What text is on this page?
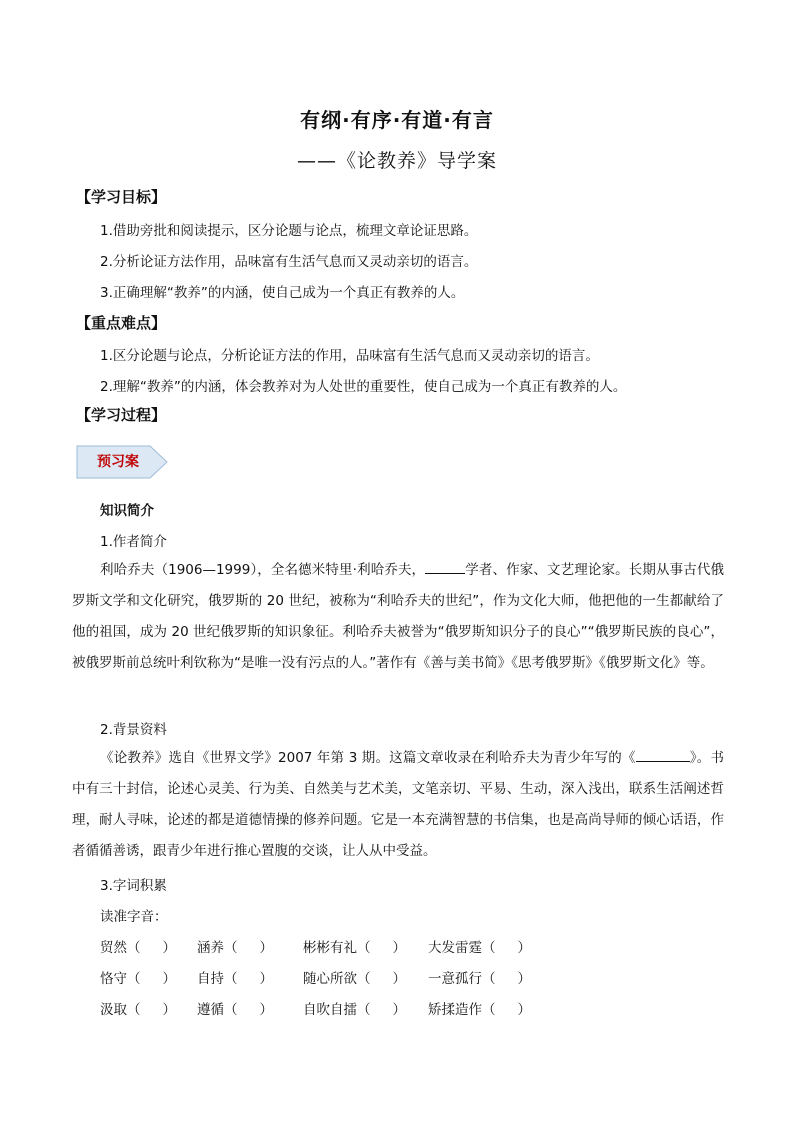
有纲·有序·有道·有言
——《论教养》导学案
【学习目标】
1.借助旁批和阅读提示，区分论题与论点，梳理文章论证思路。
2.分析论证方法作用，品味富有生活气息而又灵动亲切的语言。
3.正确理解“教养”的内涵，使自己成为一个真正有教养的人。
【重点难点】
1.区分论题与论点，分析论证方法的作用，品味富有生活气息而又灵动亲切的语言。
2.理解“教养”的内涵，体会教养对为人处世的重要性，使自己成为一个真正有教养的人。
【学习过程】
预习案
知识简介
1.作者简介
利哈乔夫（1906—1999），全名德米特里·利哈乔夫，	学者、作家、文艺理论家。长期从事古代俄罗斯文学和文化研究，俄罗斯的 20 世纪，被称为“利哈乔夫的世纪”，作为文化大师，他把他的一生都献给了他的祖国，成为 20 世纪俄罗斯的知识象征。利哈乔夫被誉为“俄罗斯知识分子的良心”“俄罗斯民族的良心”，被俄罗斯前总统叶利钦称为“是唯一没有污点的人。”著作有《善与美书简》《思考俄罗斯》《俄罗斯文化》等。
2.背景资料
《论教养》选自《世界文学》2007 年第 3 期。这篇文章收录在利哈乔夫为青少年写的《	》。书中有三十封信，论述心灵美、行为美、自然美与艺术美，文笔亲切、平易、生动，深入浅出，联系生活阐述哲理，耐人寻味，论述的都是道德情操的修养问题。它是一本充满智慧的书信集，也是高尚导师的倾心话语，作者循循善诱，跟青少年进行推心置腹的交谈，让人从中受益。
3.字词积累
读准字音：
贸然（ ） 涵养（ ） 彬彬有礼（ ） 大发雷霆（ ）
恪守（ ） 自持（ ） 随心所欲（ ） 一意孤行（ ）
汲取（ ） 遵循（ ） 自吹自擂（ ） 矫揉造作（ ）
